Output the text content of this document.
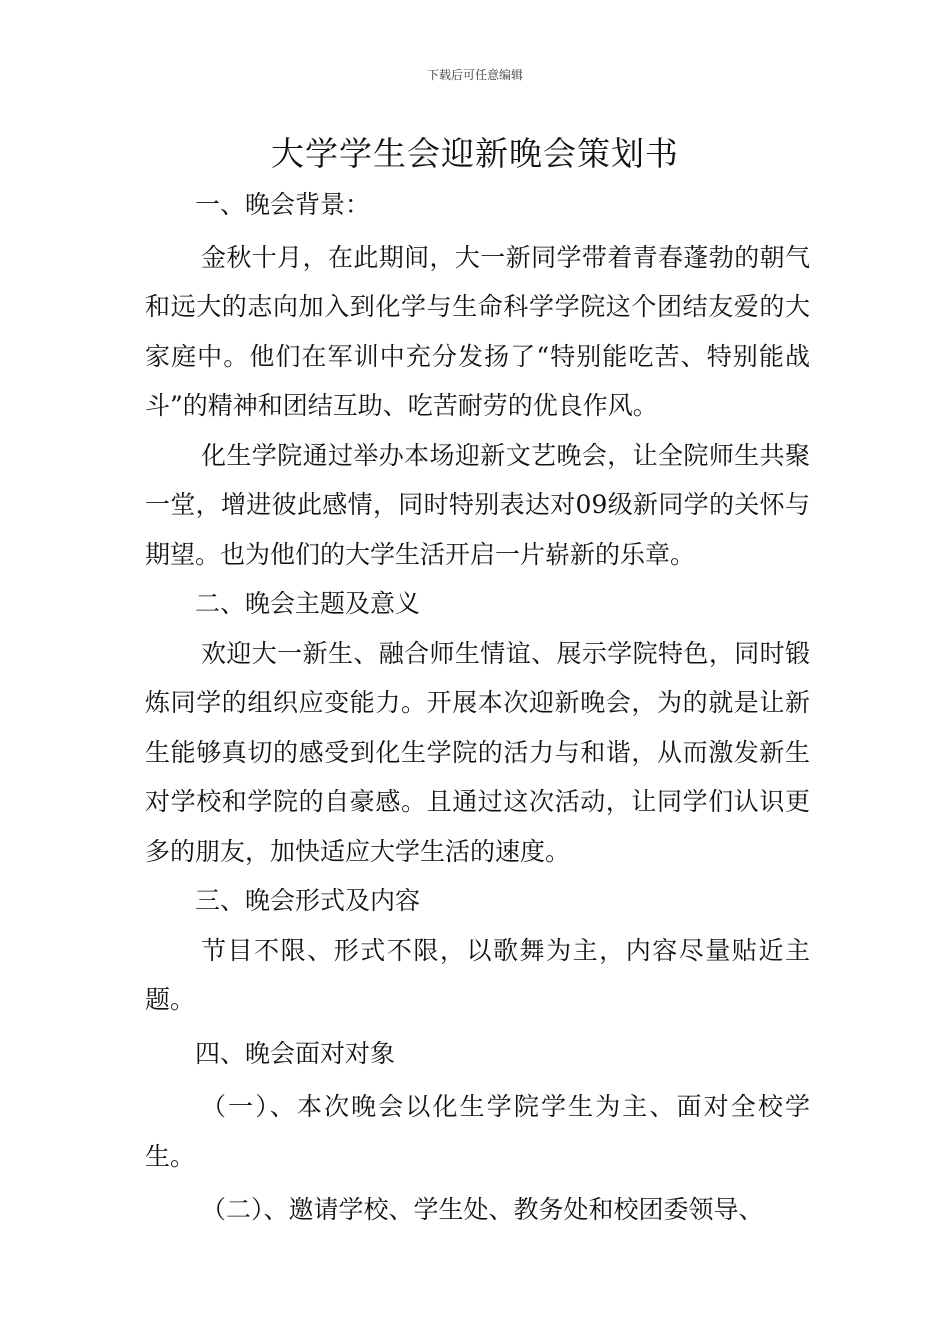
下载后可任意编辑
大学学生会迎新晚会策划书

一、晚会背景：

金秋十月，在此期间，大一新同学带着青春蓬勃的朝气和远大的志向加入到化学与生命科学学院这个团结友爱的大家庭中。他们在军训中充分发扬了“特别能吃苦、特别能战斗”的精神和团结互助、吃苦耐劳的优良作风。

化生学院通过举办本场迎新文艺晚会，让全院师生共聚一堂，增进彼此感情，同时特别表达对09级新同学的关怀与期望。也为他们的大学生活开启一片崭新的乐章。

二、晚会主题及意义

欢迎大一新生、融合师生情谊、展示学院特色，同时锻炼同学的组织应变能力。开展本次迎新晚会，为的就是让新生能够真切的感受到化生学院的活力与和谐，从而激发新生对学校和学院的自豪感。且通过这次活动，让同学们认识更多的朋友，加快适应大学生活的速度。

三、晚会形式及内容

节目不限、形式不限，以歌舞为主，内容尽量贴近主题。

四、晚会面对对象

（一）、本次晚会以化生学院学生为主、面对全校学生。

（二）、邀请学校、学生处、教务处和校团委领导、
